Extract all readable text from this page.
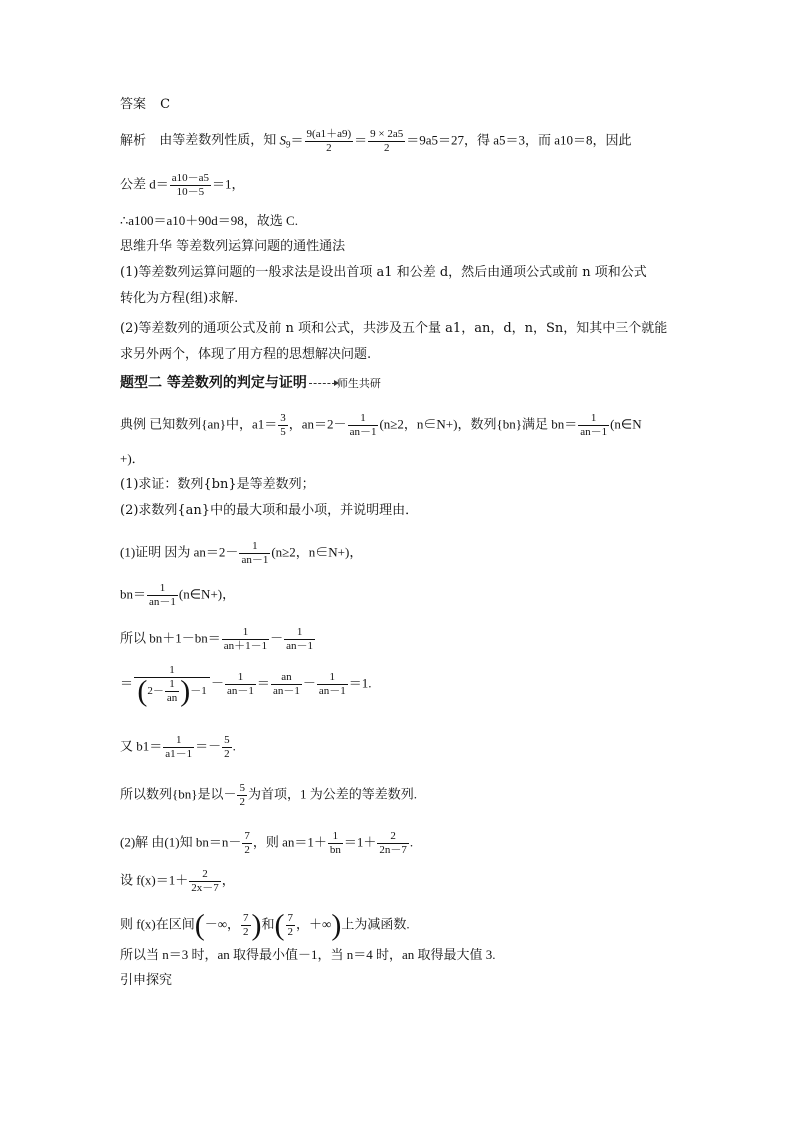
答案 C
解析 由等差数列性质，知 $S_9= \frac{9(a1+a9)}{2} = \frac{9 \times 2a5}{2} =9a5=27$，得 a5＝3，而 a10＝8，因此
公差 $d= \frac{a10-a5}{10-5} =1$，
∴a100＝a10＋90d＝98，故选 C.
思维升华 等差数列运算问题的通性通法
(1)等差数列运算问题的一般求法是设出首项 a1 和公差 d，然后由通项公式或前 n 项和公式
转化为方程(组)求解.
(2)等差数列的通项公式及前 n 项和公式，共涉及五个量 a1，an，d，n，Sn，知其中三个就能
求另外两个，体现了用方程的思想解决问题.
题型二 等差数列的判定与证明	师生共研
典例 已知数列{an}中，$a1= \frac{3}{5}$ ，$an=2- \frac{1}{an-1} (n\ge 2$，n∈N+)，数列{bn}满足 $bn= \frac{1}{an-1}$ (n∈N
+)．
(1)求证：数列{bn}是等差数列；
(2)求数列{an}中的最大项和最小项，并说明理由．
(1)证明 因为 $an=2- \frac{1}{an-1} (n\ge 2$，n∈N+)，
$bn= \frac{1}{an-1}$ (n∈N+)，
所以 $bn+1-bn= \frac{1}{an+1-1} - \frac{1}{an-1}$
＝ $\frac{1}{(2- \frac{1}{an} )-1} - \frac{1}{an-1} = \frac{an}{an-1} - \frac{1}{an-1} =1$.
又 $b1= \frac{1}{a1-1} =- \frac{5}{2}$ .
所以数列{bn}是以－ $\frac{5}{2}$ 为首项，1 为公差的等差数列.
(2)解 由(1)知 $bn=n- \frac{7}{2}$ ，则 $an=1+ \frac{1}{bn} =1+ \frac{2}{2n-7}$ .
设 $f(x)=1+ \frac{2}{2x-7}$ ，
则 f(x)在区间(－∞， $\frac{7}{2}$ )和( $\frac{7}{2}$ ，＋∞)上为减函数.
所以当 n＝3 时，an 取得最小值－1，当 n＝4 时，an 取得最大值 3.
引申探究
